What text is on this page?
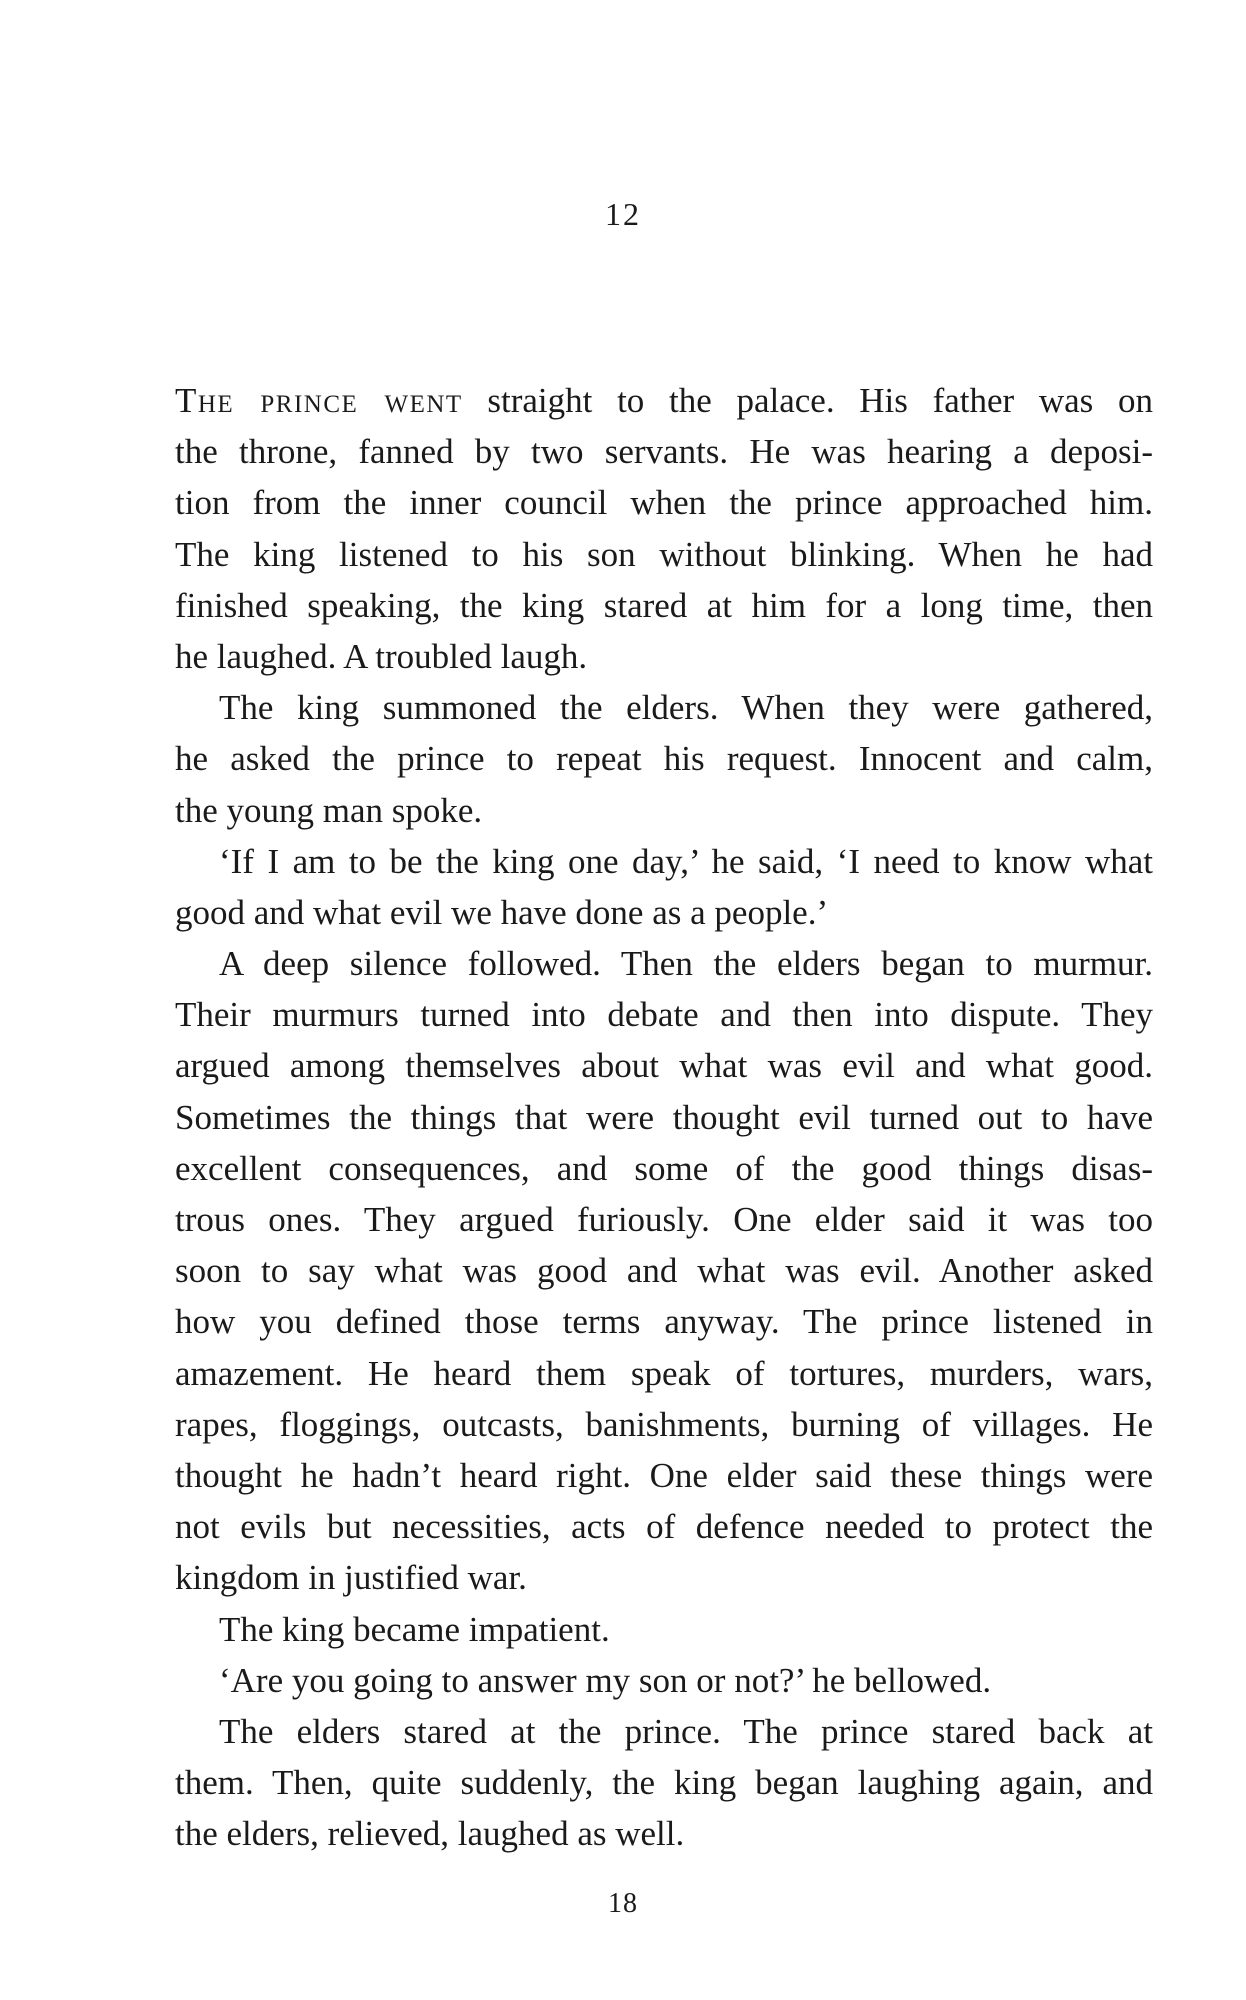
12
The prince went straight to the palace. His father was on
the throne, fanned by two servants. He was hearing a deposi-
tion from the inner council when the prince approached him.
The king listened to his son without blinking. When he had
finished speaking, the king stared at him for a long time, then
he laughed. A troubled laugh.
The king summoned the elders. When they were gathered,
he asked the prince to repeat his request. Innocent and calm,
the young man spoke.
‘If I am to be the king one day,’ he said, ‘I need to know what
good and what evil we have done as a people.’
A deep silence followed. Then the elders began to murmur.
Their murmurs turned into debate and then into dispute. They
argued among themselves about what was evil and what good.
Sometimes the things that were thought evil turned out to have
excellent consequences, and some of the good things disas-
trous ones. They argued furiously. One elder said it was too
soon to say what was good and what was evil. Another asked
how you defined those terms anyway. The prince listened in
amazement. He heard them speak of tortures, murders, wars,
rapes, floggings, outcasts, banishments, burning of villages. He
thought he hadn’t heard right. One elder said these things were
not evils but necessities, acts of defence needed to protect the
kingdom in justified war.
The king became impatient.
‘Are you going to answer my son or not?’ he bellowed.
The elders stared at the prince. The prince stared back at
them. Then, quite suddenly, the king began laughing again, and
the elders, relieved, laughed as well.
18
